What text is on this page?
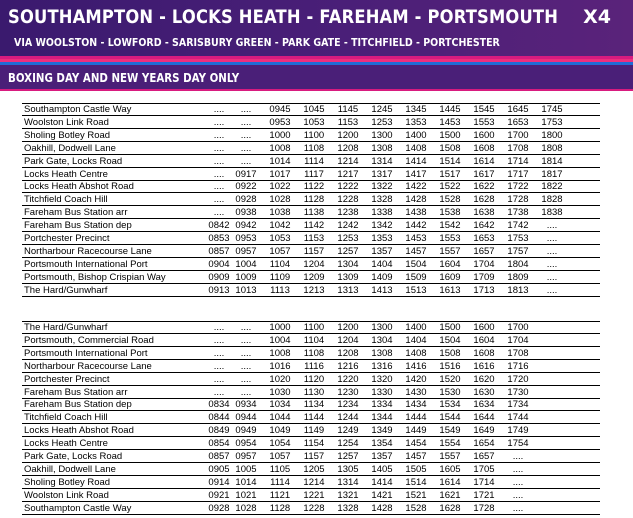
SOUTHAMPTON - LOCKS HEATH - FAREHAM - PORTSMOUTH X4
VIA WOOLSTON - LOWFORD - SARISBURY GREEN - PARK GATE - TITCHFIELD - PORTCHESTER
BOXING DAY AND NEW YEARS DAY ONLY
Southampton Castle Way	....	....	0945 1045 1145 1245 1345 1445 1545 1645 1745
Woolston Link Road	....	....	0953 1053 1153 1253 1353 1453 1553 1653 1753
Sholing Botley Road	....	....	1000 1100 1200 1300 1400 1500 1600 1700 1800
Oakhill, Dodwell Lane	....	....	1008 1108 1208 1308 1408 1508 1608 1708 1808
Park Gate, Locks Road	....	....	1014	1114	1214 1314 1414 1514 1614 1714 1814
Locks Heath Centre	....	0917 1017	1117	1217 1317 1417 1517 1617 1717 1817
Locks Heath Abshot Road	....	0922 1022 1122 1222 1322 1422 1522 1622 1722 1822
Titchfield Coach Hill	....	0928 1028 1128 1228 1328 1428 1528 1628 1728 1828
Fareham Bus Station arr	....	0938 1038 1138 1238 1338 1438 1538 1638 1738 1838
Fareham Bus Station dep	0842 0942 1042 1142 1242 1342 1442 1542 1642 1742	....
Portchester Precinct	0853 0953 1053 1153 1253 1353 1453 1553 1653 1753	....
Northarbour Racecourse Lane	0857 0957 1057 1157 1257 1357 1457 1557 1657 1757	....
Portsmouth International Port	0904 1004 1104 1204 1304 1404 1504 1604 1704 1804	....
Portsmouth, Bishop Crispian Way	0909 1009 1109 1209 1309 1409 1509 1609 1709 1809	....
The Hard/Gunwharf	0913 1013	1113	1213 1313 1413 1513 1613 1713 1813	....
The Hard/Gunwharf	....	....	1000 1100 1200 1300 1400 1500 1600 1700
Portsmouth, Commercial Road	....	....	1004 1104 1204 1304 1404 1504 1604 1704
Portsmouth International Port	....	....	1008 1108 1208 1308 1408 1508 1608 1708
Northarbour Racecourse Lane	....	....	1016	1116	1216 1316 1416 1516 1616 1716
Portchester Precinct	....	....	1020 1120 1220 1320 1420 1520 1620 1720
Fareham Bus Station arr	....	....	1030 1130 1230 1330 1430 1530 1630 1730
Fareham Bus Station dep	0834 0934 1034 1134 1234 1334 1434 1534 1634 1734
Titchfield Coach Hill	0844 0944 1044 1144 1244 1344 1444 1544 1644 1744
Locks Heath Abshot Road	0849 0949 1049 1149 1249 1349 1449 1549 1649 1749
Locks Heath Centre	0854 0954 1054 1154 1254 1354 1454 1554 1654 1754
Park Gate, Locks Road	0857 0957 1057 1157 1257 1357 1457 1557 1657	....
Oakhill, Dodwell Lane	0905 1005 1105 1205 1305 1405 1505 1605 1705	....
Sholing Botley Road	0914 1014	1114	1214 1314 1414 1514 1614 1714	....
Woolston Link Road	0921 1021 1121 1221 1321 1421 1521 1621 1721	....
Southampton Castle Way	0928 1028 1128 1228 1328 1428 1528 1628 1728	....
